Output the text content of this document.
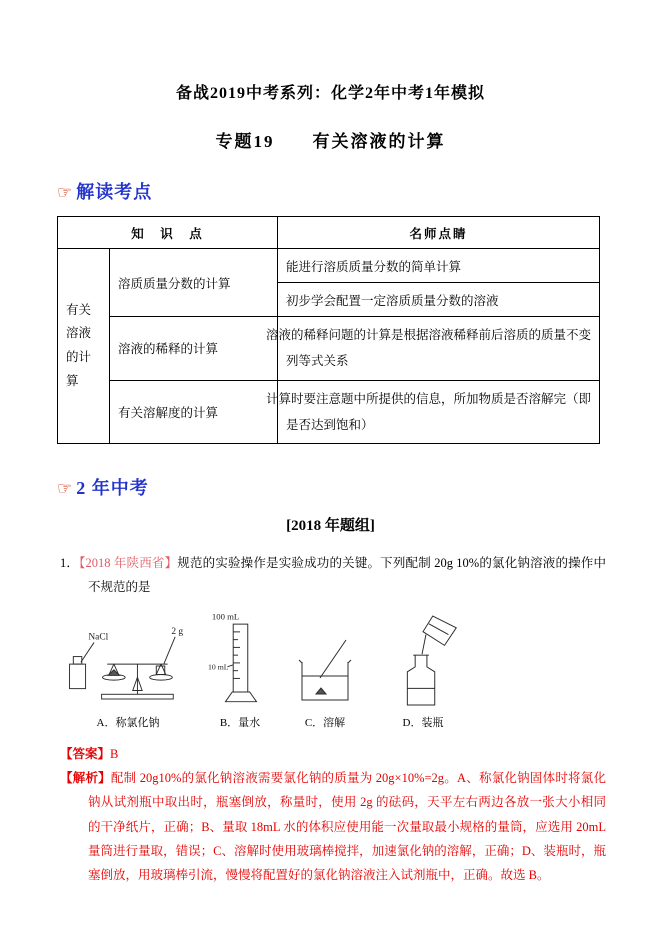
备战2019中考系列：化学2年中考1年模拟
专题19　　有关溶液的计算
☞ 解读考点
知　识　点		名师点睛
有关溶液的计算	溶质质量分数的计算	能进行溶质质量分数的简单计算
		初步学会配置一定溶质质量分数的溶液
	溶液的稀释的计算	溶液的稀释问题的计算是根据溶液稀释前后溶质的质量不变列等式关系
	有关溶解度的计算	计算时要注意题中所提供的信息，所加物质是否溶解完（即是否达到饱和）
☞ 2 年中考
[2018 年题组]

1．【2018 年陕西省】规范的实验操作是实验成功的关键。下列配制 20g 10%的氯化钠溶液的操作中不规范的是

NaCl
2 g
A．称氯化钠
100 mL
10 mL
B．量水	C．溶解	D．装瓶

【答案】B

【解析】配制 20g10%的氯化钠溶液需要氯化钠的质量为 20g×10%=2g。A、称氯化钠固体时将氯化钠从试剂瓶中取出时，瓶塞倒放，称量时，使用 2g 的砝码，天平左右两边各放一张大小相同的干净纸片，正确；B、量取 18mL 水的体积应使用能一次量取最小规格的量筒，应选用 20mL 量筒进行量取，错误；C、溶解时使用玻璃棒搅拌，加速氯化钠的溶解，正确；D、装瓶时，瓶塞倒放，用玻璃棒引流，慢慢将配置好的氯化钠溶液注入试剂瓶中，正确。故选 B。
